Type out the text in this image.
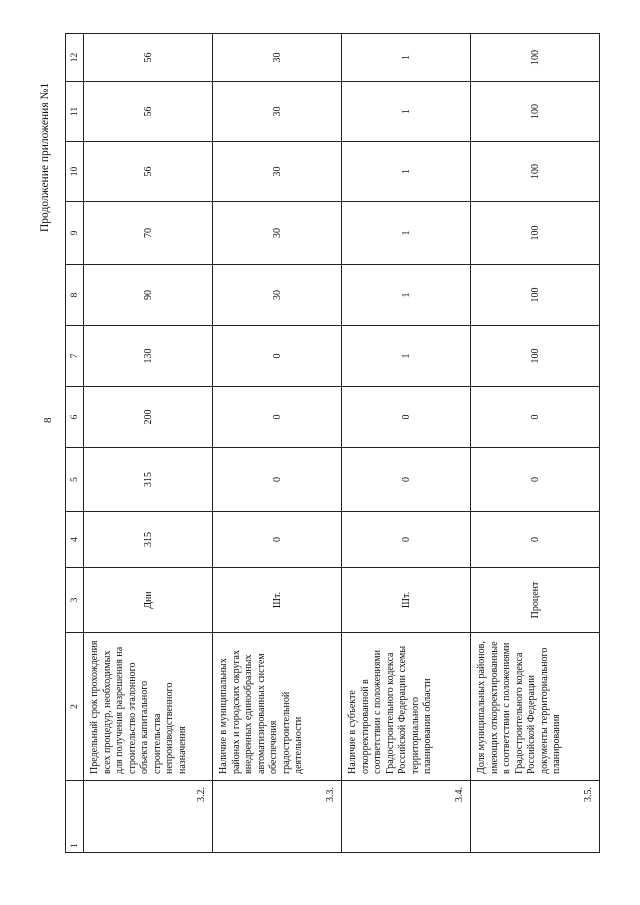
8
Продолжение приложения №1
1	2	3	4	5	6	7	8	9	10	11	12
3.2.	Предельный срок прохождения всех процедур, необходимых для получения разрешения на строительство эталонного объекта капитального строительства непроизводственного назначения	Дни	315	315	200	130	90	70	56	56	56
3.3.	Наличие в муниципальных районах и городских округах внедренных единообразных автоматизированных систем обеспечения градостроительной деятельности	Шт.	0	0	0	0	30	30	30	30	30
3.4.	Наличие в субъекте откорректированной в соответствии с положениями Градостроительного кодекса Российской Федерации схемы территориального планирования области	Шт.	0	0	0	1	1	1	1	1	1
3.5.	Доля муниципальных районов, имеющих откорректированные в соответствии с положениями Градостроительного кодекса Российской Федерации документы территориального планирования	Процент	0	0	0	100	100	100	100	100	100
